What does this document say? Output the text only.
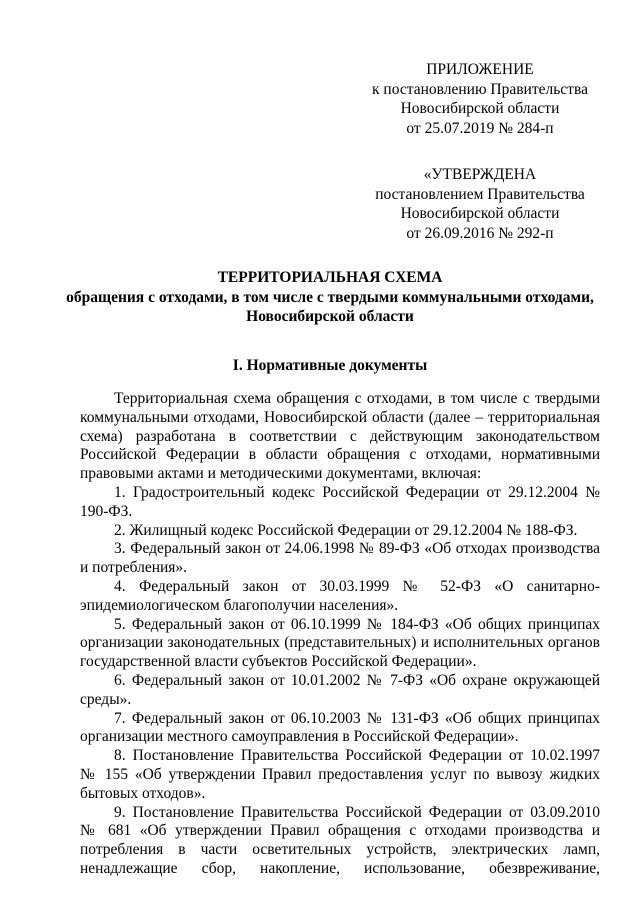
ПРИЛОЖЕНИЕ
к постановлению Правительства
Новосибирской области
от 25.07.2019 № 284-п
«УТВЕРЖДЕНА
постановлением Правительства
Новосибирской области
от 26.09.2016 № 292-п
ТЕРРИТОРИАЛЬНАЯ СХЕМА
обращения с отходами, в том числе с твердыми коммунальными отходами,
Новосибирской области
I. Нормативные документы

Территориальная схема обращения с отходами, в том числе с твердыми коммунальными отходами, Новосибирской области (далее – территориальная схема) разработана в соответствии с действующим законодательством Российской Федерации в области обращения с отходами, нормативными правовыми актами и методическими документами, включая:

1. Градостроительный кодекс Российской Федерации от 29.12.2004 № 190-ФЗ.

2. Жилищный кодекс Российской Федерации от 29.12.2004 № 188-ФЗ.

3. Федеральный закон от 24.06.1998 № 89-ФЗ «Об отходах производства и потребления».

4. Федеральный закон от 30.03.1999 № 52-ФЗ «О санитарно-эпидемиологическом благополучии населения».

5. Федеральный закон от 06.10.1999 № 184-ФЗ «Об общих принципах организации законодательных (представительных) и исполнительных органов государственной власти субъектов Российской Федерации».

6. Федеральный закон от 10.01.2002 № 7-ФЗ «Об охране окружающей среды».

7. Федеральный закон от 06.10.2003 № 131-ФЗ «Об общих принципах организации местного самоуправления в Российской Федерации».

8. Постановление Правительства Российской Федерации от 10.02.1997 № 155 «Об утверждении Правил предоставления услуг по вывозу жидких бытовых отходов».

9. Постановление Правительства Российской Федерации от 03.09.2010 № 681 «Об утверждении Правил обращения с отходами производства и потребления в части осветительных устройств, электрических ламп, ненадлежащие сбор, накопление, использование, обезвреживание,
